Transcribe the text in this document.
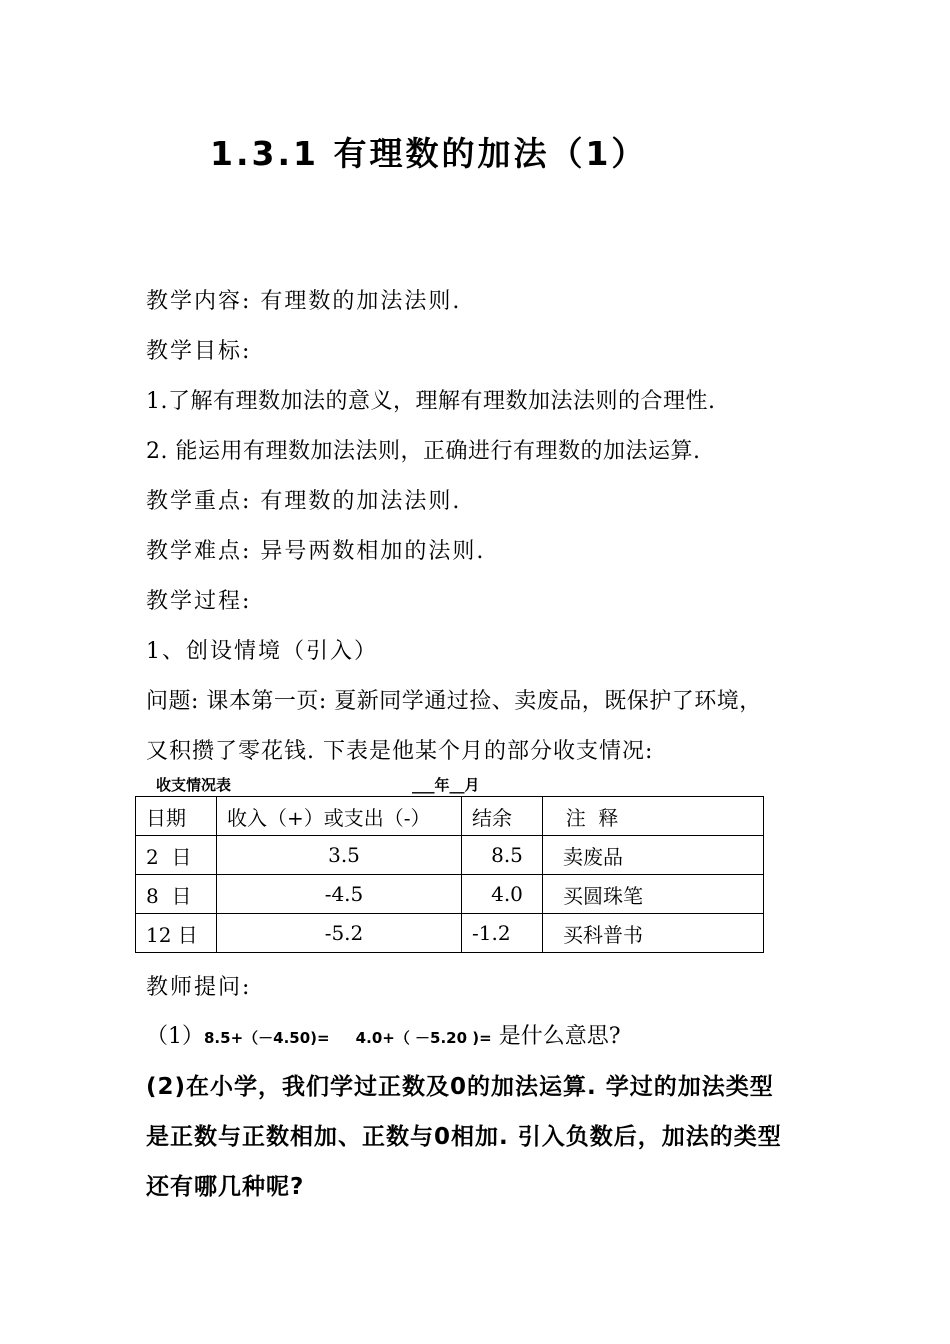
1.3.1 有理数的加法（1）
教学内容: 有理数的加法法则.
教学目标:
1.了解有理数加法的意义，理解有理数加法法则的合理性.
2. 能运用有理数加法法则，正确进行有理数的加法运算.
教学重点: 有理数的加法法则.
教学难点: 异号两数相加的法则.
教学过程:
1、创设情境（引入）
问题: 课本第一页: 夏新同学通过捡、卖废品，既保护了环境，
又积攒了零花钱. 下表是他某个月的部分收支情况:
收支情况表	___年__月
日期	收入（+）或支出（-）	结余	注  释
2  日	3.5	8.5	卖废品
8  日	-4.5	4.0	买圆珠笔
12 日	-5.2	-1.2	买科普书
教师提问:
（1）8.5+（－4.50)=     4.0+（ －5.20 )= 是什么意思?
(2)在小学，我们学过正数及0的加法运算. 学过的加法类型
是正数与正数相加、正数与0相加. 引入负数后，加法的类型
还有哪几种呢?
